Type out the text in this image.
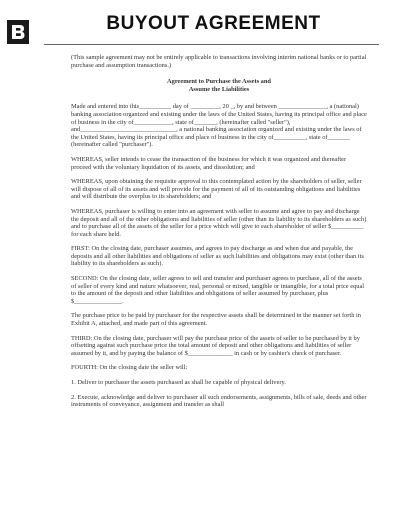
BUYOUT AGREEMENT

(This sample agreement may not be entirely applicable to transactions involving interim national banks or to partial purchase and assumption transactions.)

Agreement to Purchase the Assets and
Assume the Liabilities

Made and entered into this__________ day of _________, 20 _, by and between _______________, a (national) banking association organized and existing under the laws of the United States, having its principal office and place of business in the city of____________, state of_______, (hereinafter called "seller"), and______________________________, a national banking association organized and existing under the laws of the United States, having its principal office and place of business in the city of__________, state of_______ (hereinafter called "purchaser").

WHEREAS, seller intends to cease the transaction of the business for which it was organized and thereafter proceed with the voluntary liquidation of its assets, and dissolution; and

WHEREAS, upon obtaining the requisite approval to this contemplated action by the shareholders of seller, seller will dispose of all of its assets and will provide for the payment of all of its outstanding obligations and liabilities and will distribute the overplus to its shareholders; and

WHEREAS, purchaser is willing to enter into an agreement with seller to assume and agree to pay and discharge the deposit and all of the other obligations and liabilities of seller (other than its liability to its shareholders as such) and to purchase all of the assets of the seller for a price which will give to each shareholder of seller $__________ for each share held.

FIRST: On the closing date, purchaser assumes, and agrees to pay discharge as and when due and payable, the deposits and all other liabilities and obligations of seller as such liabilities and obligations may exist (other than its liability to its shareholders as such).

SECOND: On the closing date, seller agrees to sell and transfer and purchaser agrees to purchase, all of the assets of seller of every kind and nature whatsoever, real, personal or mixed, tangible or intangible, for a total price equal to the amount of the deposit and other liabilities and obligations of seller assumed by purchaser, plus $_______________.

The purchase price to be paid by purchaser for the respective assets shall be determined in the manner set forth in Exhibit A, attached, and made part of this agreement.

THIRD: On the closing date, purchaser will pay the purchase price of the assets of seller to be purchased by it by offsetting against such purchase price the total amount of deposit and other obligations and liabilities of seller assumed by it, and by paying the balance of $______________ in cash or by cashier's check of purchaser.

FOURTH: On the closing date the seller will:

1. Deliver to purchaser the assets purchased as shall be capable of physical delivery.

2. Execute, acknowledge and deliver to purchaser all such endorsements, assignments, bills of sale, deeds and other instruments of conveyance, assignment and transfer as shall
